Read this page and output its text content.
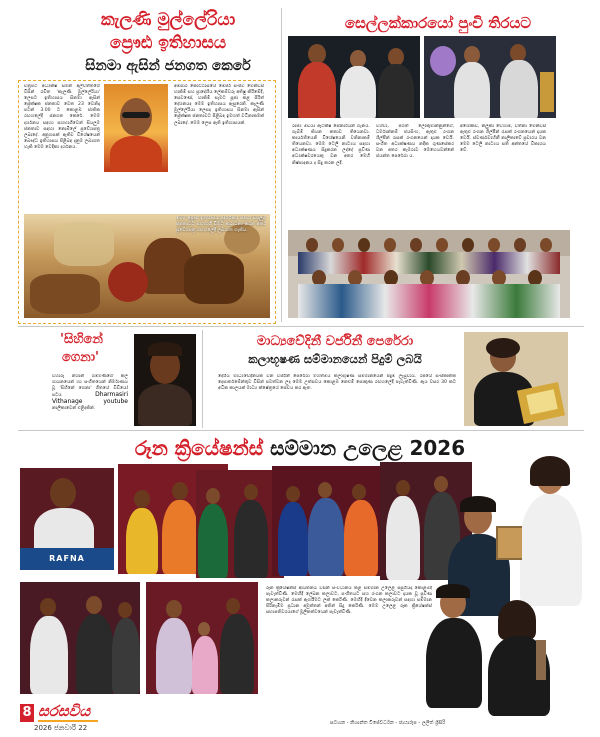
කැලණි මුල්ලේරියා
ප්‍රෞඪ ඉතිහාසය
සිනමා ඇසින් ජනගත කෙරේ
චිත්‍රපට අධ්‍යක්ෂ සමන් අල්වත්තගේ විසින් රචිත 'කැලණි මුල්ලේරියා' ලෙසට ඉතිහාසය සිනමා ඇසින් ප්‍රේක්ෂක ජනතාව වෙත 23 වෙනිදා පටන් 3.00 ට කොළඹ ජාතික රඟහලේදී ජනගත කෙරේ. මෙම දර්ශනය සඳහා සහභාගිවෙන් සියලුම ජනතාව සඳහා නොමිලේ ප්‍රවේශපත්‍ර ලබාදේ. අනුහසක් ඇතිව විශේෂයෙන් බෞද්ධ ඉතිහාසය පිළිබඳ දැනුම ලබාගත හැකි මෙම වෙදිකා දර්ශනය.
අම්පාර කොට්ඨාසයේ මේජර් සංජීව මෙන්ඩිස් හාකිම් සහ ප්‍රාදේශීය ලේකම්වරු අතිෂු කිරීමේදී, සෙවණේ, හාකිම් සැමට පූජා කළ පිරිත් දේශනයද මෙම ඉතිහාසය ඇසුරෙනි. කැලණි මුල්ලේරියා ලෙසද ඉතිහාසය සිනමා ඇසින් ප්‍රේක්ෂක ජනතාවට පිළිබඳ ඉමහත් වටිනාකමක් ලබාදේ. මෙම ලෙස ඇති ඉතිහාසයක්.
මෙම ප්‍රෞඪ ඉතිහාසය ප්‍රදර්ශනය සඳහා සියලුම ජනතාවට සහභාගී වීමට ආරාධනා කරන අතර ප්‍රවේශපත්‍ර රඟහලේදී ලබාගත හැකිය.
සෙල්ලක්කාරයෝ පුංචි තිරයට
රාජ්‍ය මීඩියා ඇටක්ෂ සේනාරියන් ගැනය. ගැබ්ම් කියන කතාව තියෙනවා. කාර්යතියෙනි විශේෂයෙනි වනිනාකම් තියෙනවා. මෙම ටෙලි නාට්‍යය සඳහා අධ්‍යක්ෂණය සිදුකරන ලද්දේ ප්‍රවීණ අධ්‍යක්ෂවරයෙකු වන අතර මෙහි නිෂ්පාදනය ද සිදු කරන ලදී.
විශ්වා, ජගත් ලොකුමාන්නුන්ගේ, ධර්මාන්නම් ජයසිංහ, ඇතුළු රංගන ශිල්පීන් රැසක් රංගනයෙන් දායක වෙයි. සංගීත අධ්‍යක්ෂණය නදික ගුණසේකර වන අතර කැමරාව මෙහෙයවන්නේ ජයන්ත පෙරේරා ය.
අශෝකඩ, නිලූකා වේහාම්, වත්නා මෙන්ඩිස් ඇතුළු රංගන ශිල්පීන් රැසක් රංගනයෙන් දායක වෙයි. ස්වර්ණවාහිනී නාලිකාවේ ප්‍රචාරය වන මෙම ටෙලි නාට්‍යය සති අන්තයේ විකාශය වේ.
'සිහිනේ
ගෙනා'
විහාරු නිශාන් ගම්මණිගේ කල ගායනයෙන් හා සංගීතයෙන් නිර්මාණය වූ 'සිහිනේ ගෙනා' ගීතයේ වීඩියෝ පටය Dharmasiri Vithanage	youtube නාලිකාවෙන් එළිදකින්.
මාධ්‍යවේදිනී වර්ජිනී පෙරේරා
කලාභූෂණ සම්මානයෙන් පිදුම් ලබයි
දේශීය මාධ්‍යවේදිනියක වන වර්ජිනී පෙරේරා මහත්මිය කලාභූෂණ සම්මානයෙන් පිදුම් ලැබුවාය. රජයේ සංස්කෘතික දෙපාර්තමේන්තුව විසින් පවත්වන ලද මෙම උත්සවය කොළඹ නෙළුම් පොකුණ රඟහලේදී පැවැත්විණි. ඇය වසර 30 කට අධික කාලයක් මාධ්‍ය ක්ෂේත්‍රයේ සේවය කර ඇත.
රූන ක්‍රියේෂන්ස් සම්මාන උලෙළ 2026
RAFNA
රූන ක්‍රියේෂන්ස් ආයතනය විසින් සංවිධානය කළ සම්මාන උලෙළ පසුගියදා කොළඹදී පැවැත්විණි. මෙහිදී ලේඛන කලාවට, සංගීතයට සහ රංගන කලාවට දායක වූ ප්‍රවීණ කලාකරුවන් රැසක් ඇගයීමට ලක් කෙරිණි. මෙහිදී දිවෙන කලාකරුවන් සඳහා සම්මාන පිරිනැමීම ප්‍රධාන අමුත්තන් අතින් සිදු කෙරිණි. මෙම උලෙළ රූන ක්‍රියේෂන්ස් සභාපතිවරයාගේ මූලිකත්වයෙන් පැවැත්විණි.
සටහන - නිශාන්ත විජේවර්ධන - ඡායාරූප - ලලිත් ශ්‍රිසිරි
8 සරසවිය
2026 ජනවාරි 22
